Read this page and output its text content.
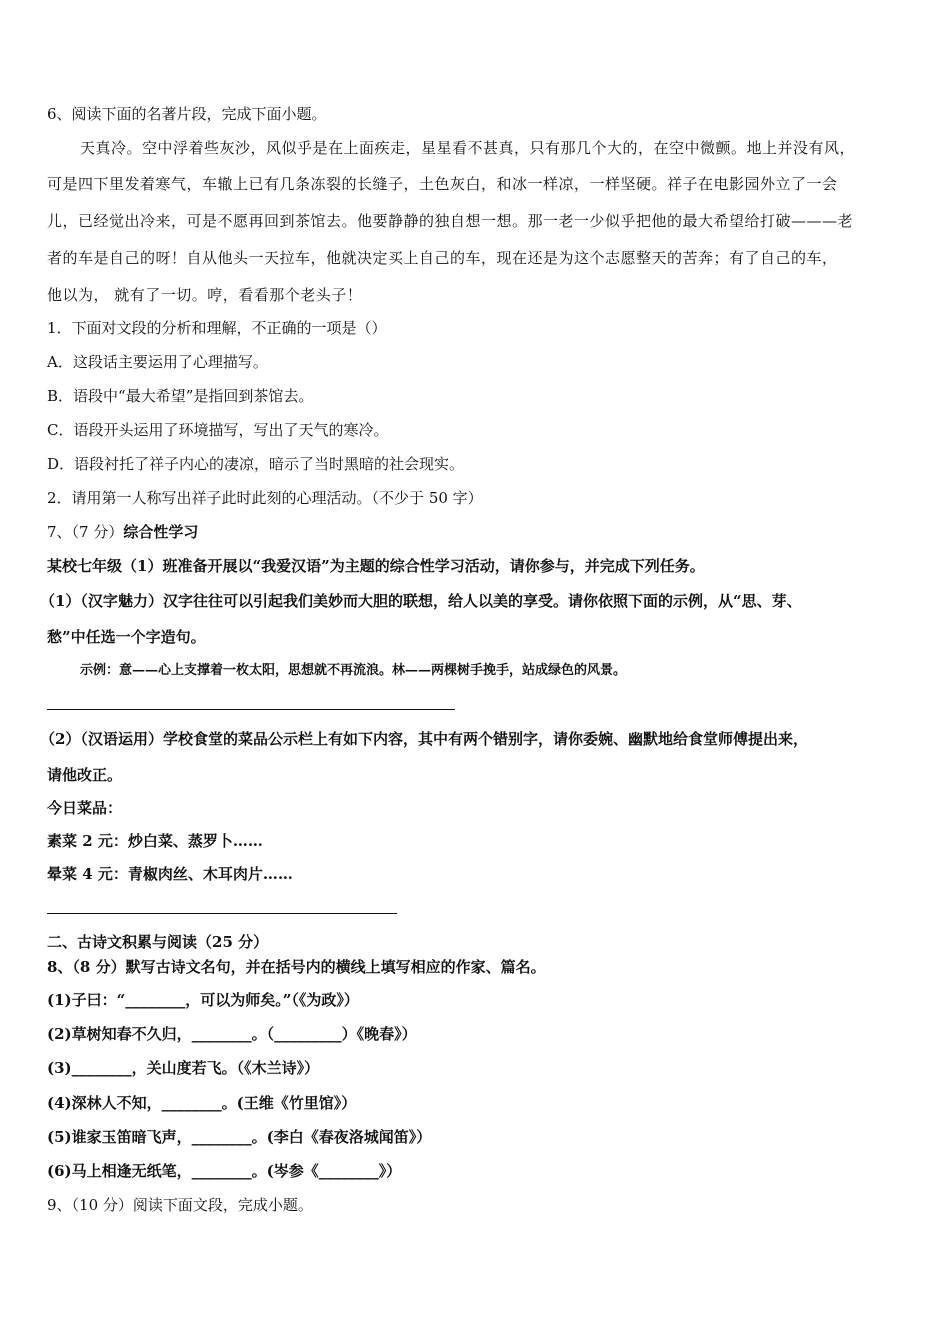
6、阅读下面的名著片段，完成下面小题。
天真冷。空中浮着些灰沙，风似乎是在上面疾走，星星看不甚真，只有那几个大的，在空中微颤。地上并没有风，
可是四下里发着寒气，车辙上已有几条冻裂的长缝子，土色灰白，和冰一样凉，一样坚硬。祥子在电影园外立了一会
儿，已经觉出冷来，可是不愿再回到茶馆去。他要静静的独自想一想。那一老一少似乎把他的最大希望给打破———老
者的车是自己的呀！自从他头一天拉车，他就决定买上自己的车，现在还是为这个志愿整天的苦奔；有了自己的车，
他以为， 就有了一切。哼，看看那个老头子！
1．下面对文段的分析和理解，不正确的一项是（）
A．这段话主要运用了心理描写。
B．语段中“最大希望”是指回到茶馆去。
C．语段开头运用了环境描写，写出了天气的寒冷。
D．语段衬托了祥子内心的凄凉，暗示了当时黑暗的社会现实。
2．请用第一人称写出祥子此时此刻的心理活动。（不少于 50 字）
7、（7 分）综合性学习
某校七年级（1）班准备开展以“我爱汉语”为主题的综合性学习活动，请你参与，并完成下列任务。
（1）（汉字魅力）汉字往往可以引起我们美妙而大胆的联想，给人以美的享受。请你依照下面的示例，从“思、芽、
愁”中任选一个字造句。
示例：意——心上支撑着一枚太阳，思想就不再流浪。林——两棵树手挽手，站成绿色的风景。
（2）（汉语运用）学校食堂的菜品公示栏上有如下内容，其中有两个错别字，请你委婉、幽默地给食堂师傅提出来，
请他改正。
今日菜品：
素菜 2 元：炒白菜、蒸罗卜……
晕菜 4 元：青椒肉丝、木耳肉片……
二、古诗文积累与阅读（25 分）
8、（8 分）默写古诗文名句，并在括号内的横线上填写相应的作家、篇名。
(1)子曰：“________，可以为师矣。”（《为政》）
(2)草树知春不久归，________。（_________）《晚春》）
(3)________，关山度若飞。（《木兰诗》）
(4)深林人不知，________。(王维《竹里馆》）
(5)谁家玉笛暗飞声，________。(李白《春夜洛城闻笛》）
(6)马上相逢无纸笔，________。(岑参《________》）
9、（10 分）阅读下面文段，完成小题。
